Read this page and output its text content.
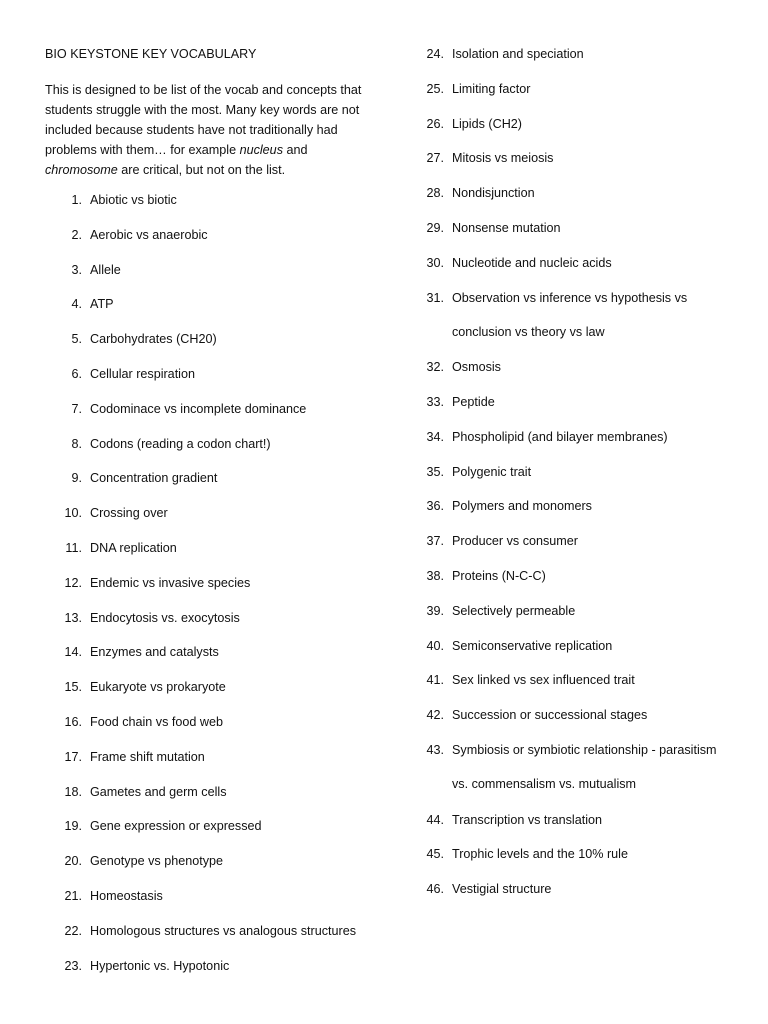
BIO KEYSTONE KEY VOCABULARY

This is designed to be list of the vocab and concepts that students struggle with the most. Many key words are not included because students have not traditionally had problems with them… for example nucleus and chromosome are critical, but not on the list.

1. Abiotic vs biotic
2. Aerobic vs anaerobic
3. Allele
4. ATP
5. Carbohydrates (CH20)
6. Cellular respiration
7. Codominace vs incomplete dominance
8. Codons (reading a codon chart!)
9. Concentration gradient
10. Crossing over
11. DNA replication
12. Endemic vs invasive species
13. Endocytosis vs. exocytosis
14. Enzymes and catalysts
15. Eukaryote vs prokaryote
16. Food chain vs food web
17. Frame shift mutation
18. Gametes and germ cells
19. Gene expression or expressed
20. Genotype vs phenotype
21. Homeostasis
22. Homologous structures vs analogous structures
23. Hypertonic vs. Hypotonic
24. Isolation and speciation
25. Limiting factor
26. Lipids (CH2)
27. Mitosis vs meiosis
28. Nondisjunction
29. Nonsense mutation
30. Nucleotide and nucleic acids
31. Observation vs inference vs hypothesis vs
conclusion vs theory vs law
32. Osmosis
33. Peptide
34. Phospholipid (and bilayer membranes)
35. Polygenic trait
36. Polymers and monomers
37. Producer vs consumer
38. Proteins (N-C-C)
39. Selectively permeable
40. Semiconservative replication
41. Sex linked vs sex influenced trait
42. Succession or successional stages
43. Symbiosis or symbiotic relationship - parasitism
vs. commensalism vs. mutualism
44. Transcription vs translation
45. Trophic levels and the 10% rule
46. Vestigial structure
